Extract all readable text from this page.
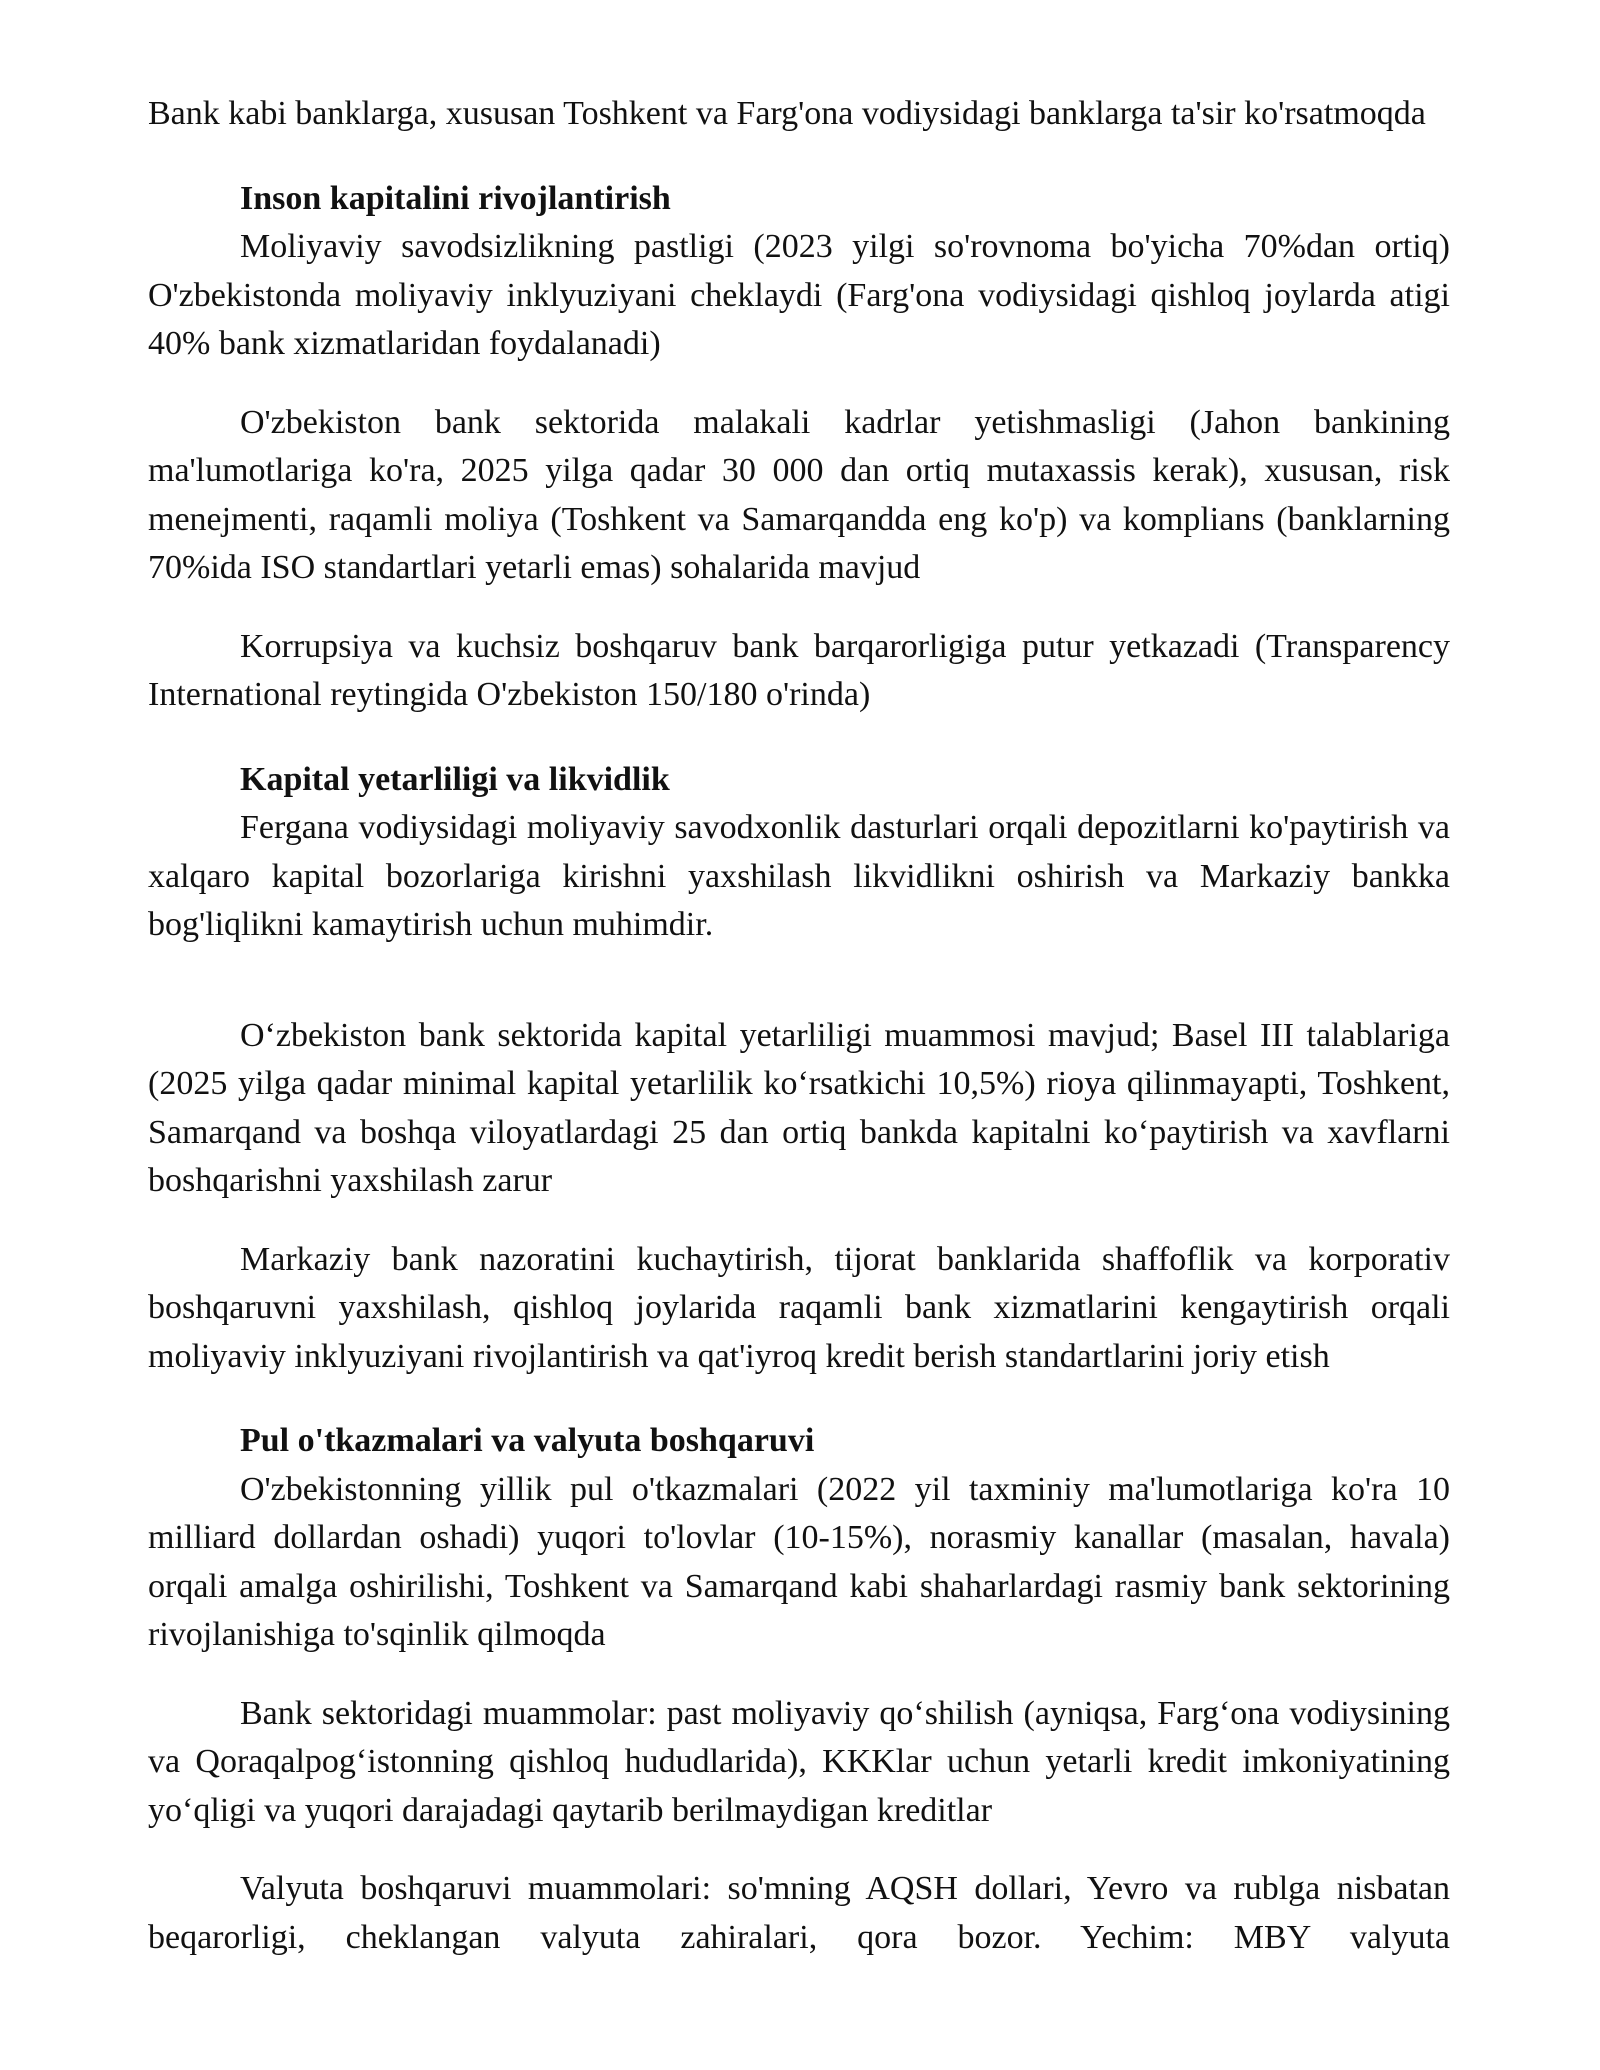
Bank kabi banklarga, xususan Toshkent va Farg'ona vodiysidagi banklarga ta'sir ko'rsatmoqda

Inson kapitalini rivojlantirish

Moliyaviy savodsizlikning pastligi (2023 yilgi so'rovnoma bo'yicha 70%dan ortiq) O'zbekistonda moliyaviy inklyuziyani cheklaydi (Farg'ona vodiysidagi qishloq joylarda atigi 40% bank xizmatlaridan foydalanadi)

O'zbekiston bank sektorida malakali kadrlar yetishmasligi (Jahon bankining ma'lumotlariga ko'ra, 2025 yilga qadar 30 000 dan ortiq mutaxassis kerak), xususan, risk menejmenti, raqamli moliya (Toshkent va Samarqandda eng ko'p) va komplians (banklarning 70%ida ISO standartlari yetarli emas) sohalarida mavjud

Korrupsiya va kuchsiz boshqaruv bank barqarorligiga putur yetkazadi (Transparency International reytingida O'zbekiston 150/180 o'rinda)

Kapital yetarliligi va likvidlik

Fergana vodiysidagi moliyaviy savodxonlik dasturlari orqali depozitlarni ko'paytirish va xalqaro kapital bozorlariga kirishni yaxshilash likvidlikni oshirish va Markaziy bankka bog'liqlikni kamaytirish uchun muhimdir.

O‘zbekiston bank sektorida kapital yetarliligi muammosi mavjud; Basel III talablariga (2025 yilga qadar minimal kapital yetarlilik ko‘rsatkichi 10,5%) rioya qilinmayapti, Toshkent, Samarqand va boshqa viloyatlardagi 25 dan ortiq bankda kapitalni ko‘paytirish va xavflarni boshqarishni yaxshilash zarur

Markaziy bank nazoratini kuchaytirish, tijorat banklarida shaffoflik va korporativ boshqaruvni yaxshilash, qishloq joylarida raqamli bank xizmatlarini kengaytirish orqali moliyaviy inklyuziyani rivojlantirish va qat'iyroq kredit berish standartlarini joriy etish

Pul o'tkazmalari va valyuta boshqaruvi

O'zbekistonning yillik pul o'tkazmalari (2022 yil taxminiy ma'lumotlariga ko'ra 10 milliard dollardan oshadi) yuqori to'lovlar (10-15%), norasmiy kanallar (masalan, havala) orqali amalga oshirilishi, Toshkent va Samarqand kabi shaharlardagi rasmiy bank sektorining rivojlanishiga to'sqinlik qilmoqda

Bank sektoridagi muammolar: past moliyaviy qo‘shilish (ayniqsa, Farg‘ona vodiysining va Qoraqalpog‘istonning qishloq hududlarida), KKKlar uchun yetarli kredit imkoniyatining yo‘qligi va yuqori darajadagi qaytarib berilmaydigan kreditlar

Valyuta boshqaruvi muammolari: so'mning AQSH dollari, Yevro va rublga nisbatan beqarorligi, cheklangan valyuta zahiralari, qora bozor. Yechim: MBY valyuta
